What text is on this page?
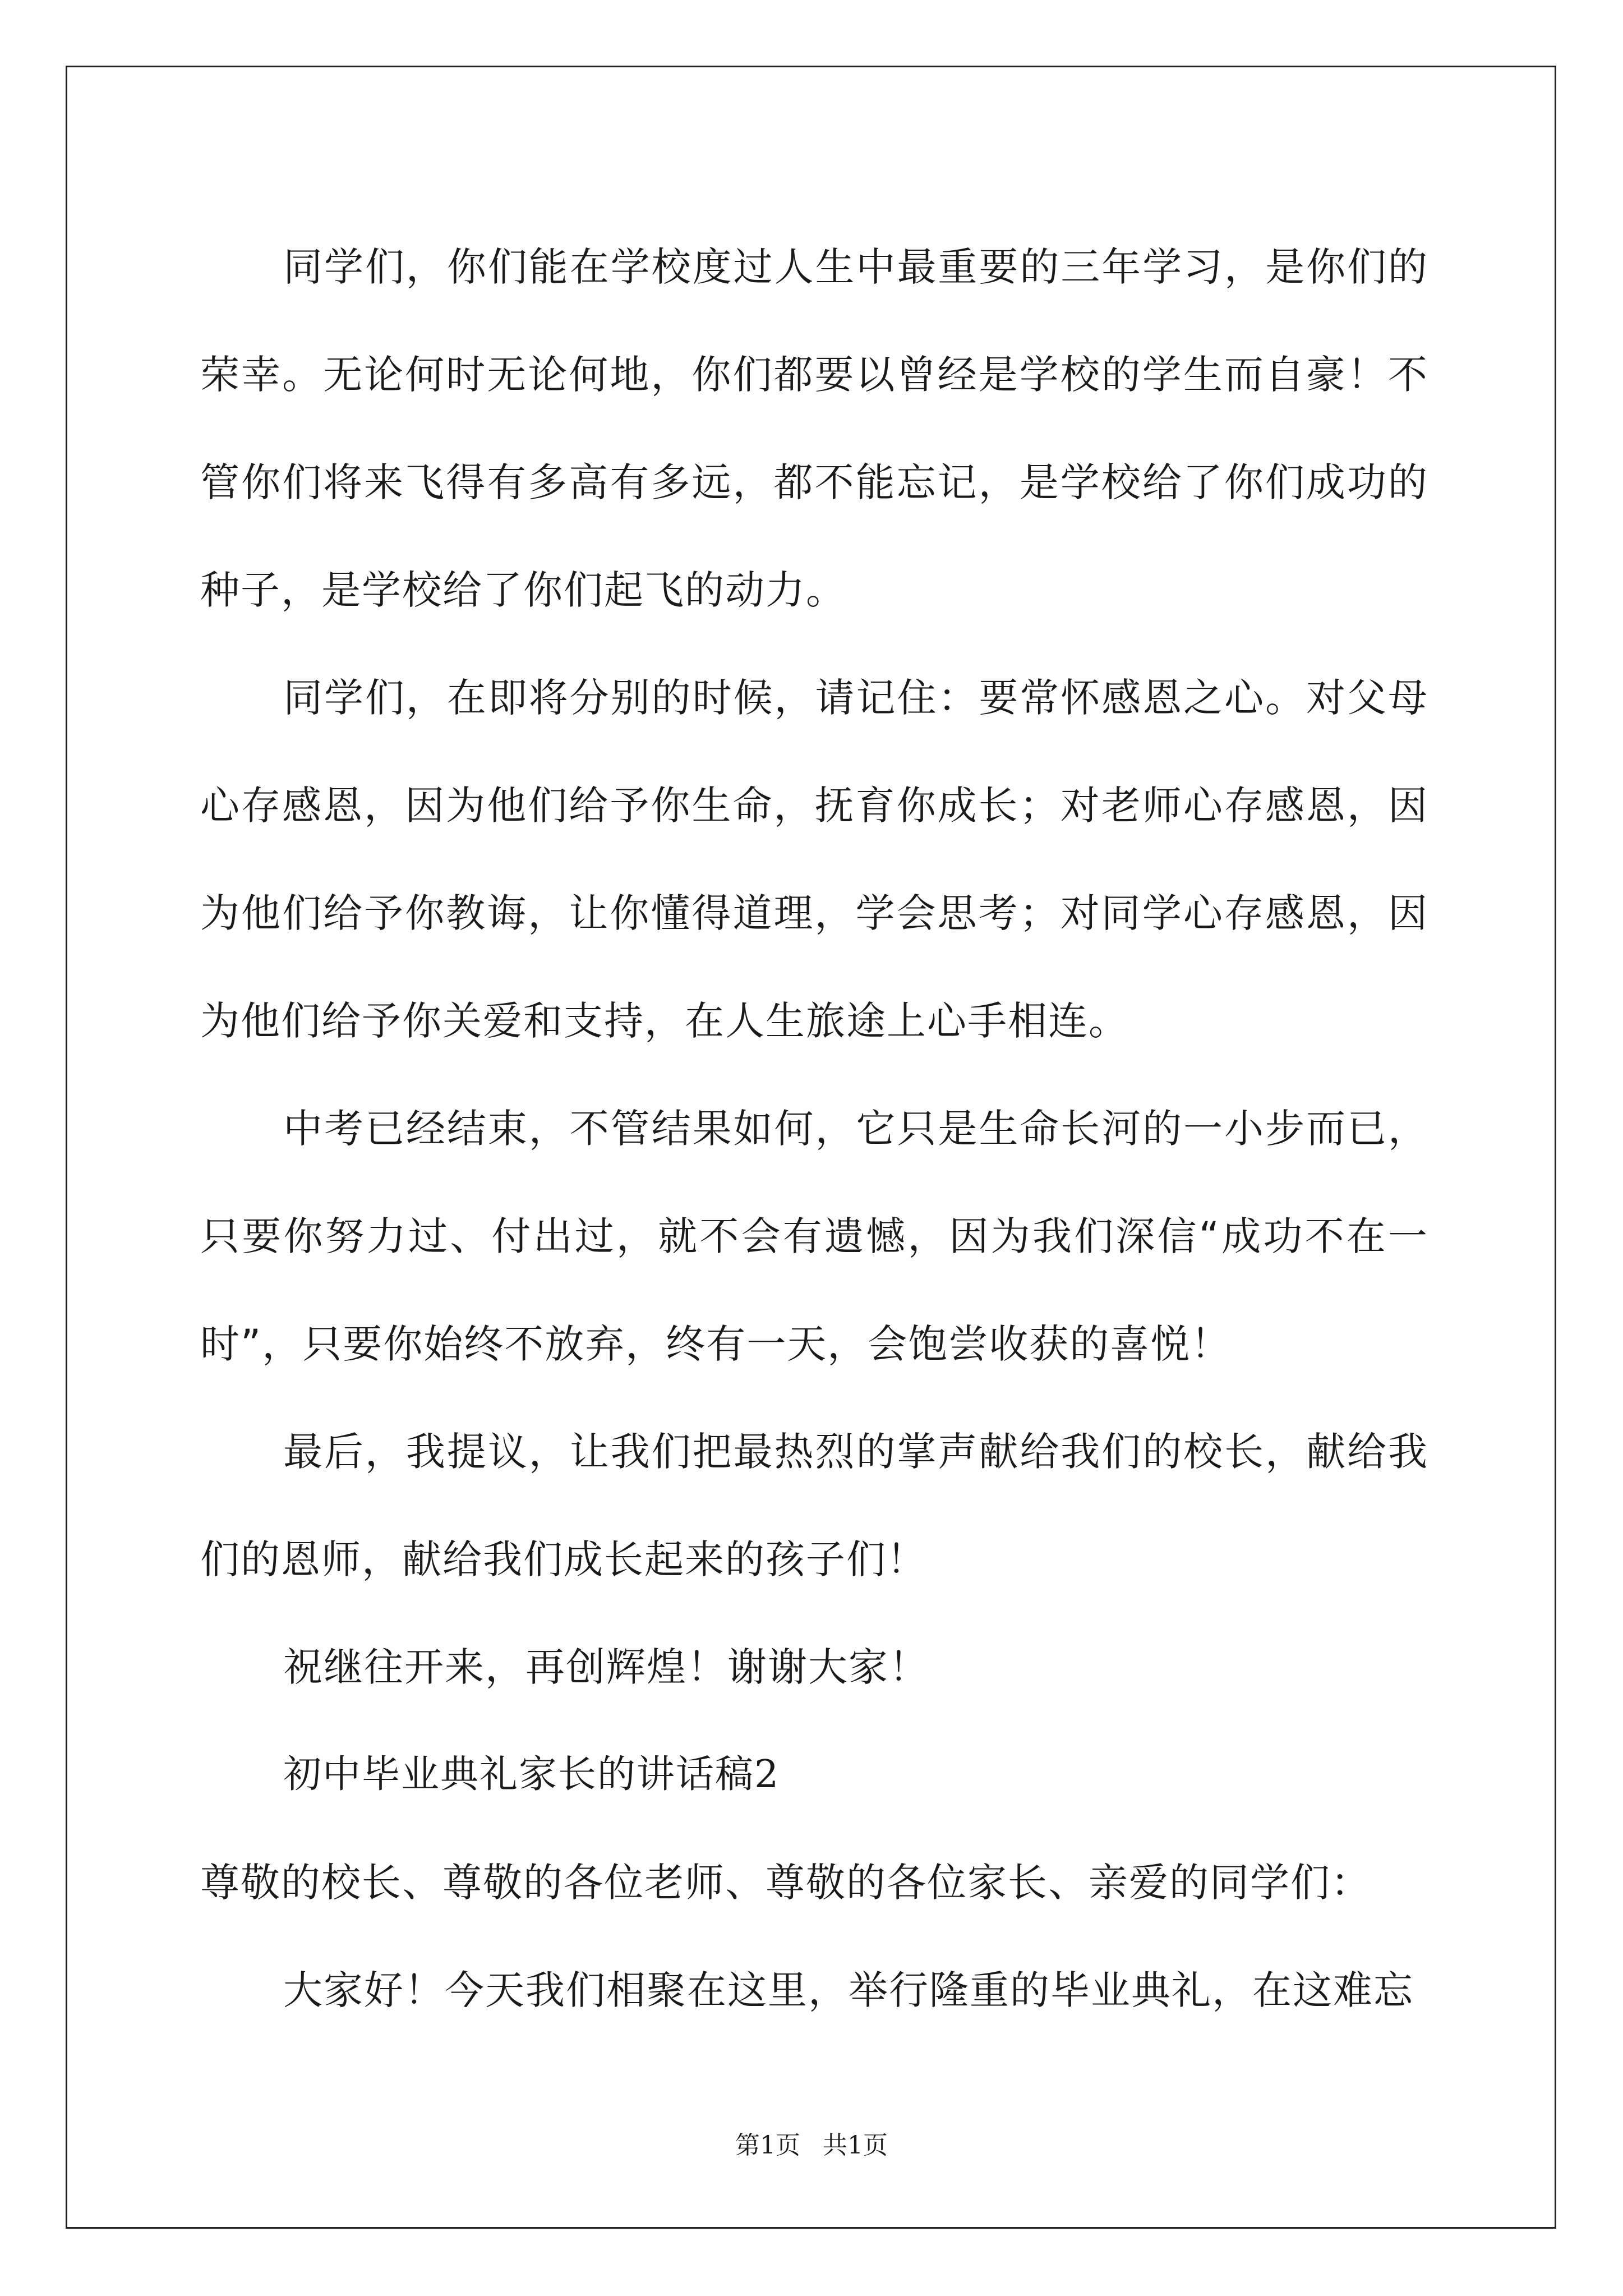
同学们，你们能在学校度过人生中最重要的三年学习，是你们的荣幸。无论何时无论何地，你们都要以曾经是学校的学生而自豪！不管你们将来飞得有多高有多远，都不能忘记，是学校给了你们成功的种子，是学校给了你们起飞的动力。

同学们，在即将分别的时候，请记住：要常怀感恩之心。对父母心存感恩，因为他们给予你生命，抚育你成长；对老师心存感恩，因为他们给予你教诲，让你懂得道理，学会思考；对同学心存感恩，因为他们给予你关爱和支持，在人生旅途上心手相连。

中考已经结束，不管结果如何，它只是生命长河的一小步而已，只要你努力过、付出过，就不会有遗憾，因为我们深信“成功不在一时”，只要你始终不放弃，终有一天，会饱尝收获的喜悦！

最后，我提议，让我们把最热烈的掌声献给我们的校长，献给我们的恩师，献给我们成长起来的孩子们！

祝继往开来，再创辉煌！谢谢大家！

初中毕业典礼家长的讲话稿2

尊敬的校长、尊敬的各位老师、尊敬的各位家长、亲爱的同学们：

大家好！今天我们相聚在这里，举行隆重的毕业典礼，在这难忘

第1页 共1页
